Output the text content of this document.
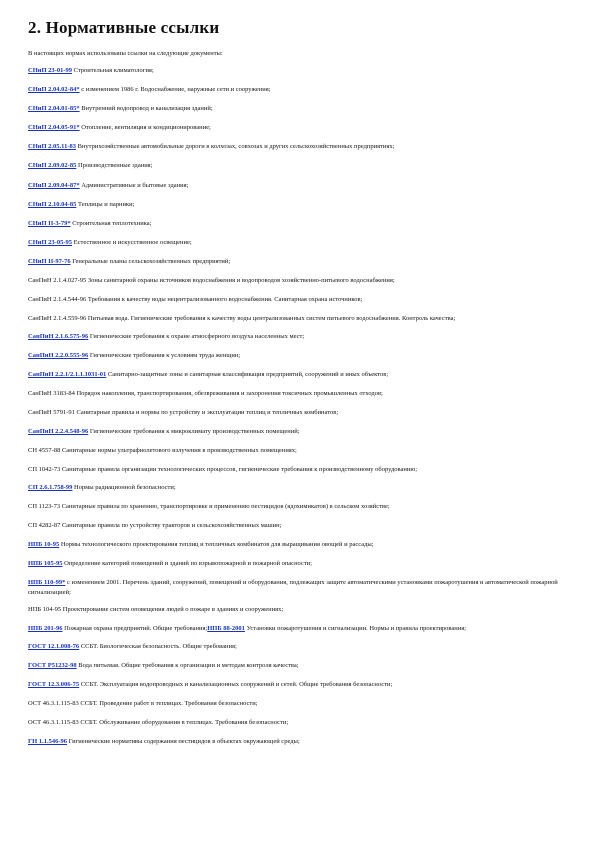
2. Нормативные ссылки

В настоящих нормах использованы ссылки на следующие документы:

СНиП 23-01-99 Строительная климатология;
СНиП 2.04.02-84* с изменением 1986 г. Водоснабжение, наружные сети и сооружения;
СНиП 2.04.01-85* Внутренний водопровод и канализация зданий;
СНиП 2.04.05-91* Отопление, вентиляция и кондиционирование;
СНиП 2.05.11-83 Внутрихозяйственные автомобильные дороги в колхозах, совхозах и других сельскохозяйственных предприятиях;
СНиП 2.09.02-85 Производственные здания;
СНиП 2.09.04-87* Административные и бытовые здания;
СНиП 2.10.04-85 Теплицы и парники;
СНиП II-3-79* Строительная теплотехника;
СНиП 23-05-95 Естественное и искусственное освещение;
СНиП II-97-76 Генеральные планы сельскохозяйственных предприятий;
СанПиН 2.1.4.027-95 Зоны санитарной охраны источников водоснабжения и водопроводов хозяйственно-питьевого водоснабжения;
СанПиН 2.1.4.544-96 Требования к качеству воды нецентрализованного водоснабжения. Санитарная охрана источников;
СанПиН 2.1.4.559-96 Питьевая вода. Гигиенические требования к качеству воды централизованных систем питьевого водоснабжения. Контроль качества;
СанПиН 2.1.6.575-96 Гигиенические требования к охране атмосферного воздуха населенных мест;
СанПиН 2.2.0.555-96 Гигиенические требования к условиям труда женщин;
СанПиН 2.2.1/2.1.1.1031-01 Санитарно-защитные зоны и санитарная классификация предприятий, сооружений и иных объектов;
СанПиН 3183-84 Порядок накопления, транспортирования, обезвреживания и захоронения токсичных промышленных отходов;
СанПиН 5791-91 Санитарные правила и нормы по устройству и эксплуатации теплиц и тепличных комбинатов;
СанПиН 2.2.4.548-96 Гигиенические требования к микроклимату производственных помещений;
СН 4557-88 Санитарные нормы ультрафиолетового излучения в производственных помещениях;
СП 1042-73 Санитарные правила организации технологических процессов, гигиенические требования к производственному оборудованию;
СП 2.6.1.758-99 Нормы радиационной безопасности;
СП 1123-73 Санитарные правила по хранению, транспортировке и применению пестицидов (ядохимикатов) в сельском хозяйстве;
СП 4282-87 Санитарные правила по устройству тракторов и сельскохозяйственных машин;
НПБ 10-95 Нормы технологического проектирования теплиц и тепличных комбинатов для выращивания овощей и рассады;
НПБ 105-95 Определение категорий помещений и зданий по взрывопожарной и пожарной опасности;
НПБ 110-99* с изменением 2001. Перечень зданий, сооружений, помещений и оборудования, подлежащих защите автоматическими установками пожаротушения и автоматической пожарной сигнализацией;
НПБ 104-95 Проектирование систем оповещения людей о пожаре в зданиях и сооружениях;
НПБ 201-96 Пожарная охрана предприятий. Общие требования;НПБ 88-2001 Установки пожаротушения и сигнализации. Нормы и правила проектирования;
ГОСТ 12.1.008-76 ССБТ. Биологическая безопасность. Общие требования;
ГОСТ Р51232-98 Вода питьевая. Общие требования к организации и методам контроля качества;
ГОСТ 12.3.006-75 ССБТ. Эксплуатация водопроводных и канализационных сооружений и сетей. Общие требования безопасности;
ОСТ 46.3.1.115-83 ССБТ. Проведение работ в теплицах. Требования безопасности;
ОСТ 46.3.1.115-83 ССБТ. Обслуживание оборудования в теплицах. Требования безопасности;
ГН 1.1.546-96 Гигиенические нормативы содержания пестицидов в объектах окружающей среды;
